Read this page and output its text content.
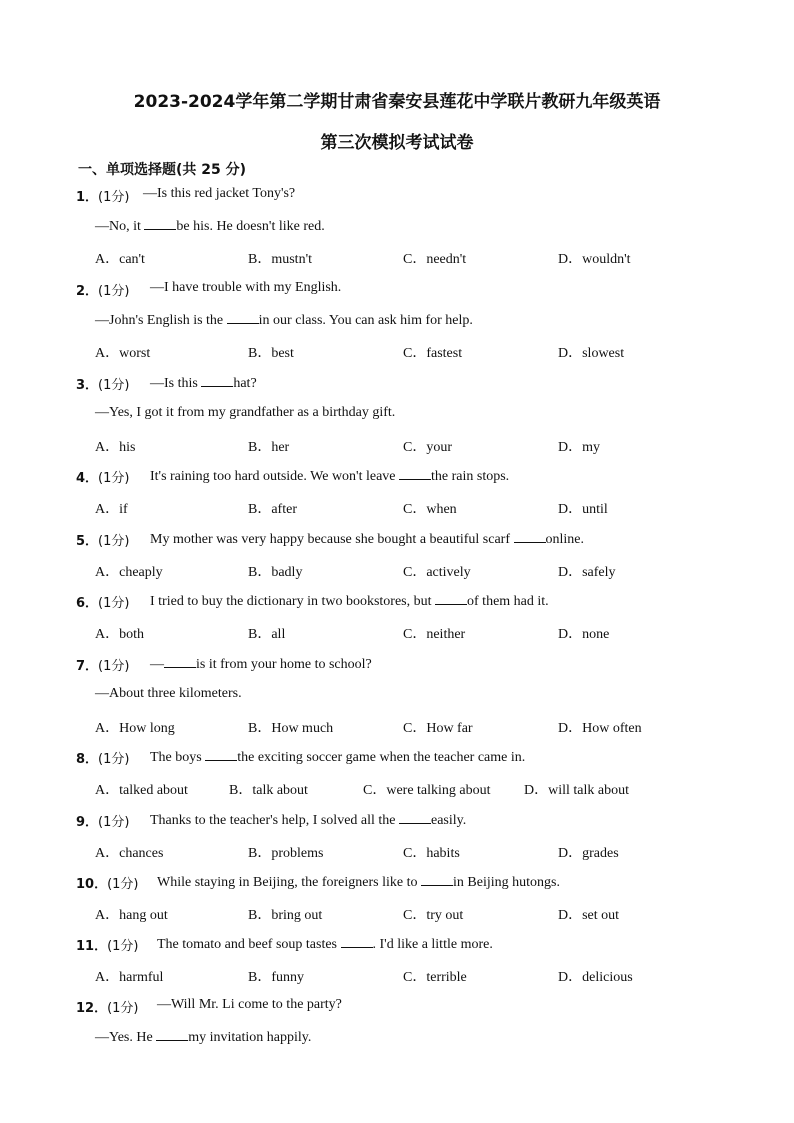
2023-2024学年第二学期甘肃省秦安县莲花中学联片教研九年级英语
第三次模拟考试试卷
一、单项选择题(共 25 分)
1．(1分) —Is this red jacket Tony's?
—No, it be his. He doesn't like red.
A．can't	B．mustn't	C．needn't	D．wouldn't
2．(1分) —I have trouble with my English.
—John's English is the in our class. You can ask him for help.
A．worst	B．best	C．fastest	D．slowest
3．(1分) —Is this hat?
—Yes, I got it from my grandfather as a birthday gift.
A．his	B．her	C．your	D．my
4．(1分) It's raining too hard outside. We won't leave the rain stops.
A．if	B．after	C．when	D．until
5．(1分) My mother was very happy because she bought a beautiful scarf online.
A．cheaply	B．badly	C．actively	D．safely
6．(1分) I tried to buy the dictionary in two bookstores, but of them had it.
A．both	B．all	C．neither	D．none
7．(1分) — is it from your home to school?
—About three kilometers.
A．How long	B．How much	C．How far	D．How often
8．(1分) The boys the exciting soccer game when the teacher came in.
A．talked about	B．talk about	C．were talking about D．will talk about
9．(1分) Thanks to the teacher's help, I solved all the easily.
A．chances	B．problems	C．habits	D．grades
10．(1分) While staying in Beijing, the foreigners like to in Beijing hutongs.
A．hang out	B．bring out	C．try out	D．set out
11．(1分) The tomato and beef soup tastes . I'd like a little more.
A．harmful	B．funny	C．terrible	D．delicious
12．(1分) —Will Mr. Li come to the party?
—Yes. He my invitation happily.
